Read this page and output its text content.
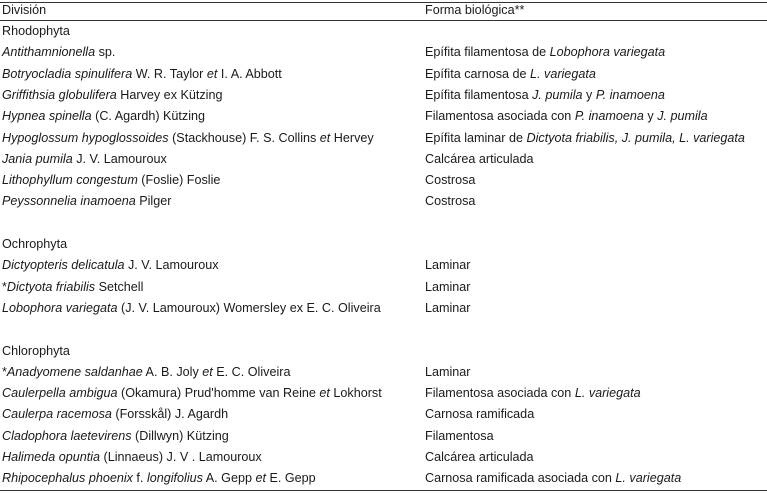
División	Forma biológica**
Rhodophyta
Antithamnionella sp.	Epífita filamentosa de Lobophora variegata
Botryocladia spinulifera W. R. Taylor et I. A. Abbott	Epífita carnosa de L. variegata
Griffithsia globulifera Harvey ex Kützing	Epífita filamentosa J. pumila y P. inamoena
Hypnea spinella (C. Agardh) Kützing	Filamentosa asociada con P. inamoena y J. pumila
Hypoglossum hypoglossoides (Stackhouse) F. S. Collins et Hervey	Epífita laminar de Dictyota friabilis, J. pumila, L. variegata
Jania pumila J. V. Lamouroux	Calcárea articulada
Lithophyllum congestum (Foslie) Foslie	Costrosa
Peyssonnelia inamoena Pilger	Costrosa
Ochrophyta
Dictyopteris delicatula J. V. Lamouroux	Laminar
*Dictyota friabilis Setchell	Laminar
Lobophora variegata (J. V. Lamouroux) Womersley ex E. C. Oliveira	Laminar
Chlorophyta
*Anadyomene saldanhae A. B. Joly et E. C. Oliveira	Laminar
Caulerpella ambigua (Okamura) Prud'homme van Reine et Lokhorst	Filamentosa asociada con L. variegata
Caulerpa racemosa (Forsskål) J. Agardh	Carnosa ramificada
Cladophora laetevirens (Dillwyn) Kützing	Filamentosa
Halimeda opuntia (Linnaeus) J. V . Lamouroux	Calcárea articulada
Rhipocephalus phoenix f. longifolius A. Gepp et E. Gepp	Carnosa ramificada asociada con L. variegata
